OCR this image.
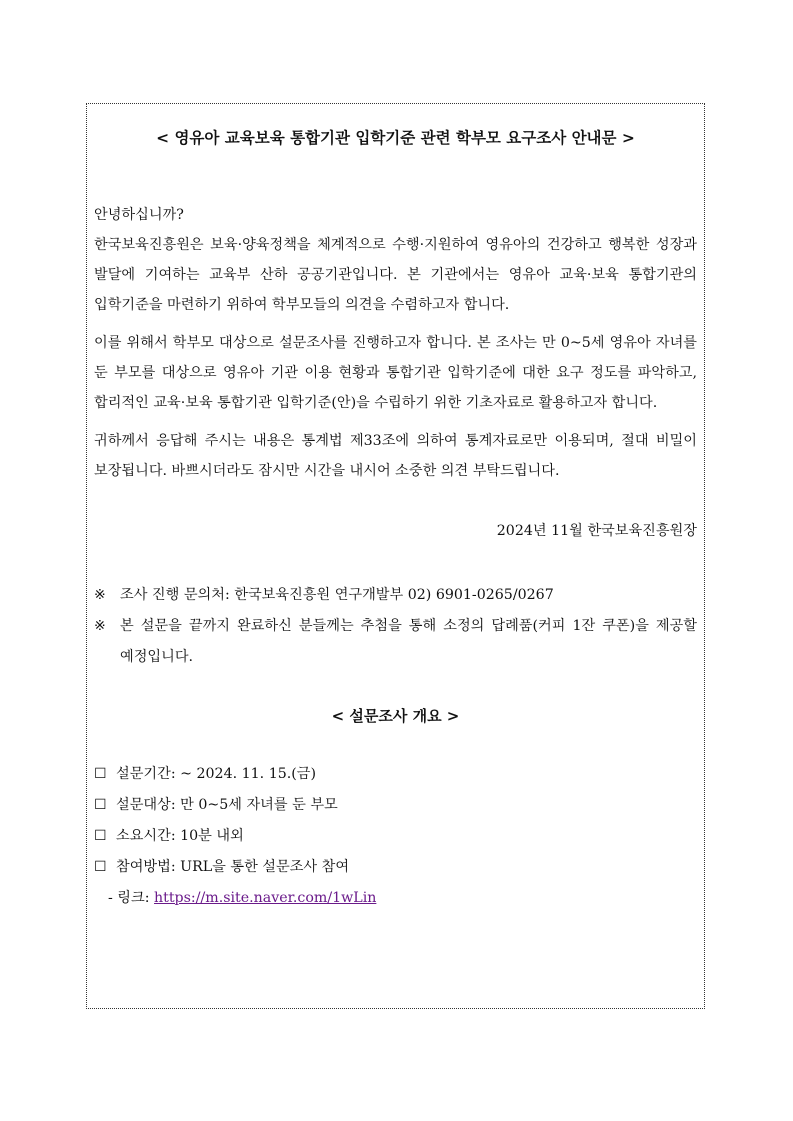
< 영유아 교육보육 통합기관 입학기준 관련 학부모 요구조사 안내문 >

안녕하십니까?

한국보육진흥원은 보육·양육정책을 체계적으로 수행·지원하여 영유아의 건강하고 행복한 성장과 발달에 기여하는 교육부 산하 공공기관입니다. 본 기관에서는 영유아 교육·보육 통합기관의 입학기준을 마련하기 위하여 학부모들의 의견을 수렴하고자 합니다.

이를 위해서 학부모 대상으로 설문조사를 진행하고자 합니다. 본 조사는 만 0~5세 영유아 자녀를 둔 부모를 대상으로 영유아 기관 이용 현황과 통합기관 입학기준에 대한 요구 정도를 파악하고, 합리적인 교육·보육 통합기관 입학기준(안)을 수립하기 위한 기초자료로 활용하고자 합니다.

귀하께서 응답해 주시는 내용은 통계법 제33조에 의하여 통계자료로만 이용되며, 절대 비밀이 보장됩니다. 바쁘시더라도 잠시만 시간을 내시어 소중한 의견 부탁드립니다.

2024년 11월 한국보육진흥원장
※ 조사 진행 문의처: 한국보육진흥원 연구개발부 02) 6901-0265/0267
※ 본 설문을 끝까지 완료하신 분들께는 추첨을 통해 소정의 답례품(커피 1잔 쿠폰)을 제공할 예정입니다.
< 설문조사 개요 >
☐ 설문기간: ~ 2024. 11. 15.(금)
☐ 설문대상: 만 0~5세 자녀를 둔 부모
☐ 소요시간: 10분 내외
☐ 참여방법: URL을 통한 설문조사 참여
- 링크: https://m.site.naver.com/1wLin
